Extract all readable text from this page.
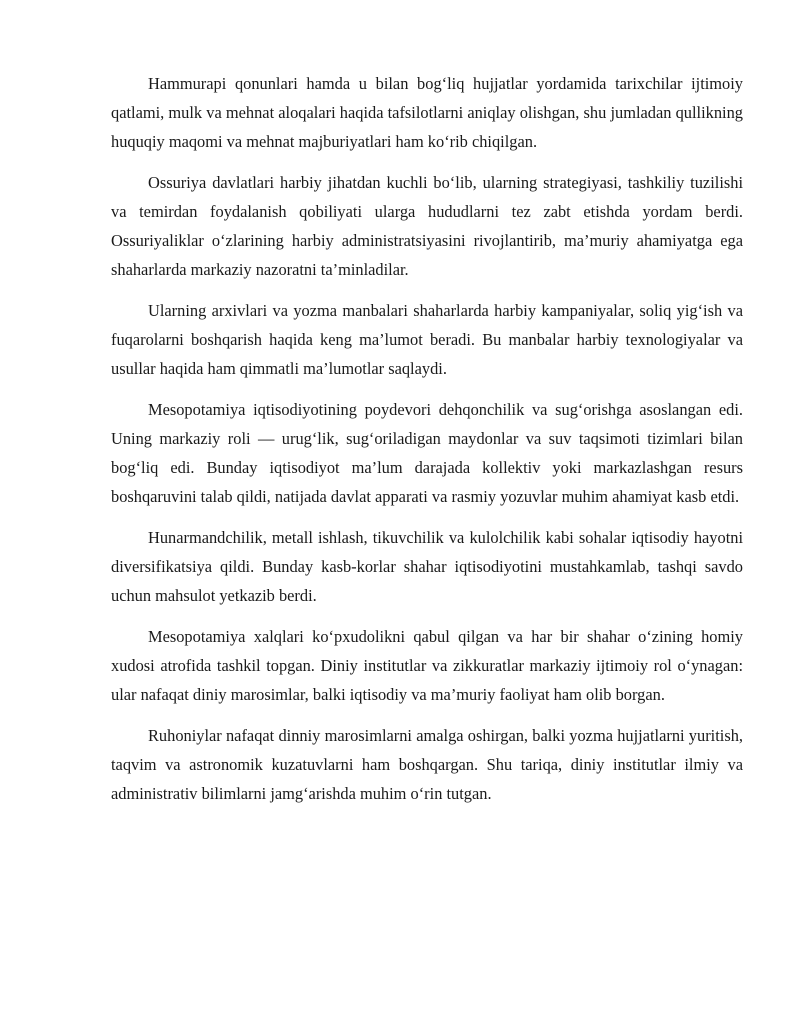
Hammurapi qonunlari hamda u bilan bog‘liq hujjatlar yordamida tarixchilar ijtimoiy qatlami, mulk va mehnat aloqalari haqida tafsilotlarni aniqlay olishgan, shu jumladan qullikning huquqiy maqomi va mehnat majburiyatlari ham ko‘rib chiqilgan.

Ossuriya davlatlari harbiy jihatdan kuchli bo‘lib, ularning strategiyasi, tashkiliy tuzilishi va temirdan foydalanish qobiliyati ularga hududlarni tez zabt etishda yordam berdi. Ossuriyaliklar o‘zlarining harbiy administratsiyasini rivojlantirib, ma’muriy ahamiyatga ega shaharlarda markaziy nazoratni ta’minladilar.

Ularning arxivlari va yozma manbalari shaharlarda harbiy kampaniyalar, soliq yig‘ish va fuqarolarni boshqarish haqida keng ma’lumot beradi. Bu manbalar harbiy texnologiyalar va usullar haqida ham qimmatli ma’lumotlar saqlaydi.

Mesopotamiya iqtisodiyotining poydevori dehqonchilik va sug‘orishga asoslangan edi. Uning markaziy roli — urug‘lik, sug‘oriladigan maydonlar va suv taqsimoti tizimlari bilan bog‘liq edi. Bunday iqtisodiyot ma’lum darajada kollektiv yoki markazlashgan resurs boshqaruvini talab qildi, natijada davlat apparati va rasmiy yozuvlar muhim ahamiyat kasb etdi.

Hunarmandchilik, metall ishlash, tikuvchilik va kulolchilik kabi sohalar iqtisodiy hayotni diversifikatsiya qildi. Bunday kasb-korlar shahar iqtisodiyotini mustahkamlab, tashqi savdo uchun mahsulot yetkazib berdi.

Mesopotamiya xalqlari ko‘pxudolikni qabul qilgan va har bir shahar o‘zining homiy xudosi atrofida tashkil topgan. Diniy institutlar va zikkuratlar markaziy ijtimoiy rol o‘ynagan: ular nafaqat diniy marosimlar, balki iqtisodiy va ma’muriy faoliyat ham olib borgan.

Ruhoniylar nafaqat dinniy marosimlarni amalga oshirgan, balki yozma hujjatlarni yuritish, taqvim va astronomik kuzatuvlarni ham boshqargan. Shu tariqa, diniy institutlar ilmiy va administrativ bilimlarni jamg‘arishda muhim o‘rin tutgan.
